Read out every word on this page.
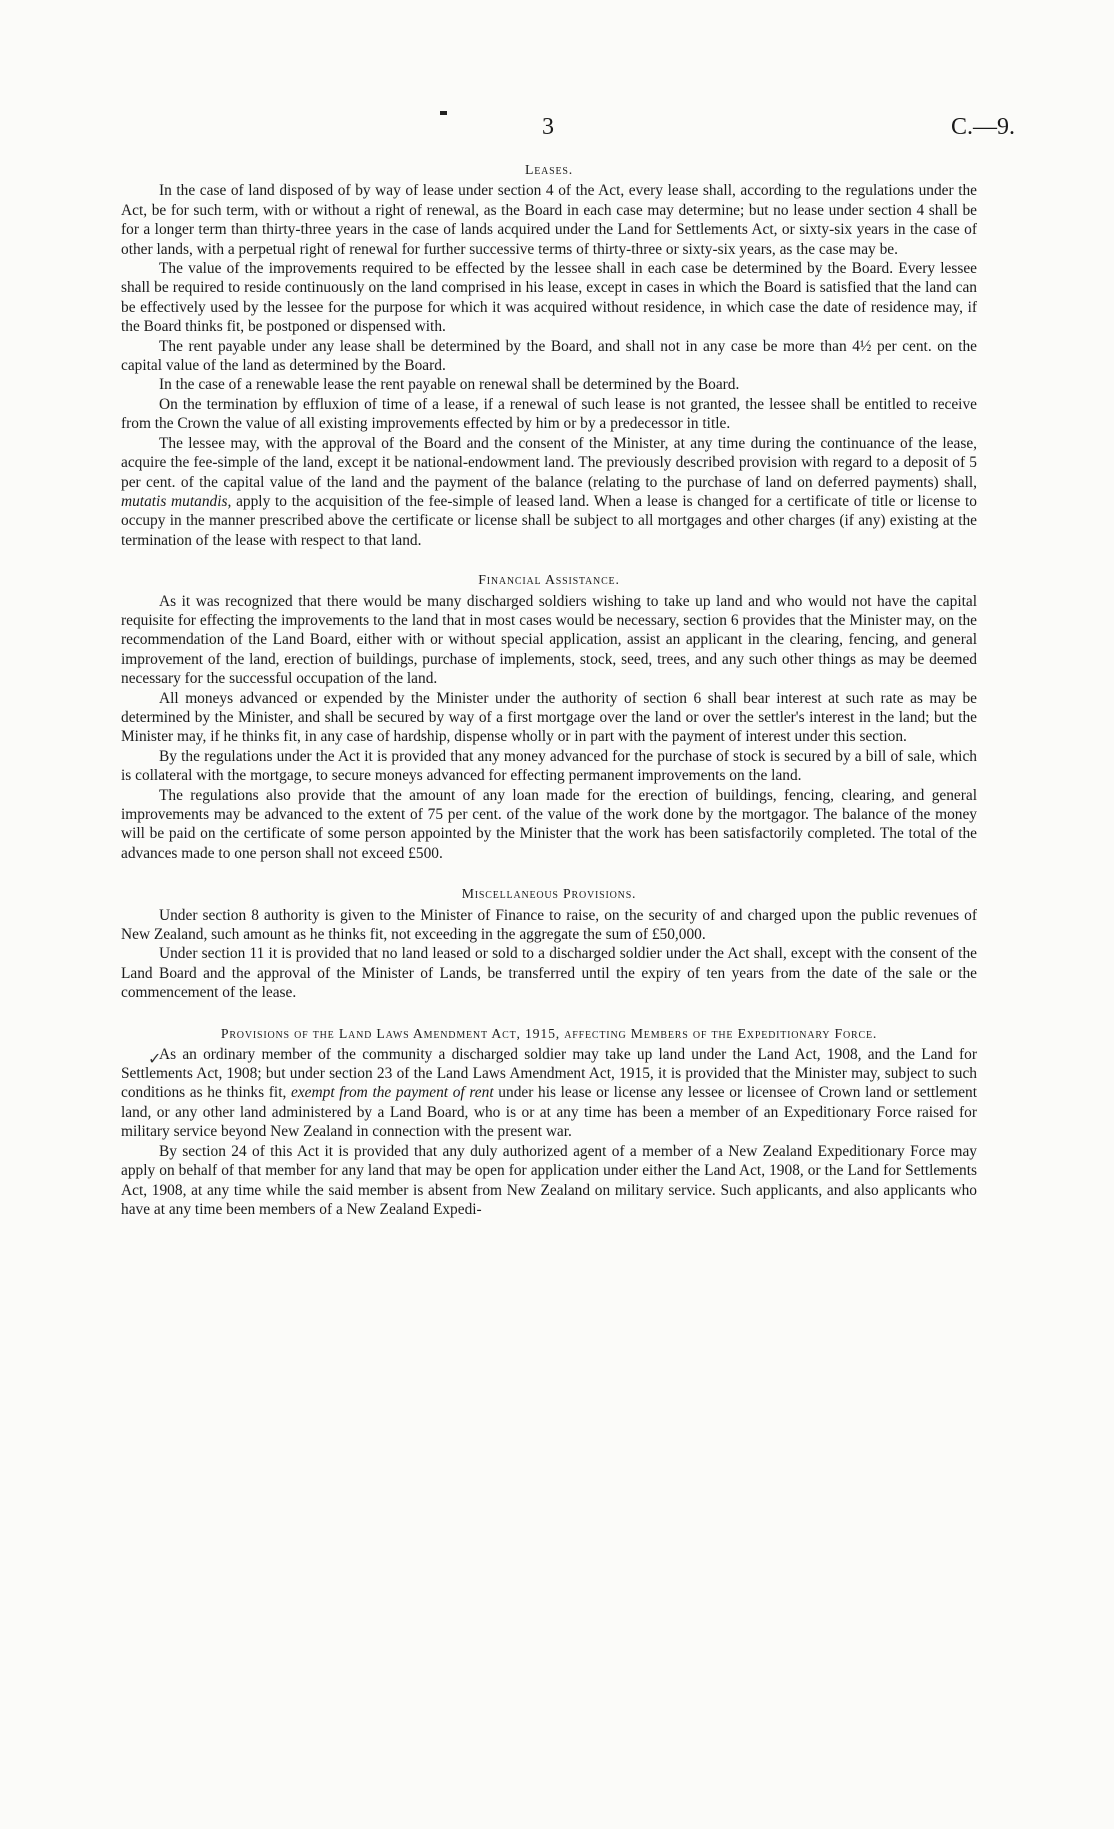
3	C.—9.
✓
Leases.

In the case of land disposed of by way of lease under section 4 of the Act, every lease shall, according to the regulations under the Act, be for such term, with or without a right of renewal, as the Board in each case may determine; but no lease under section 4 shall be for a longer term than thirty-three years in the case of lands acquired under the Land for Settlements Act, or sixty-six years in the case of other lands, with a perpetual right of renewal for further successive terms of thirty-three or sixty-six years, as the case may be.

The value of the improvements required to be effected by the lessee shall in each case be determined by the Board. Every lessee shall be required to reside continuously on the land comprised in his lease, except in cases in which the Board is satisfied that the land can be effectively used by the lessee for the purpose for which it was acquired without residence, in which case the date of residence may, if the Board thinks fit, be postponed or dispensed with.

The rent payable under any lease shall be determined by the Board, and shall not in any case be more than 4½ per cent. on the capital value of the land as determined by the Board.

In the case of a renewable lease the rent payable on renewal shall be determined by the Board.

On the termination by effluxion of time of a lease, if a renewal of such lease is not granted, the lessee shall be entitled to receive from the Crown the value of all existing improvements effected by him or by a predecessor in title.

The lessee may, with the approval of the Board and the consent of the Minister, at any time during the continuance of the lease, acquire the fee-simple of the land, except it be national-endowment land. The previously described provision with regard to a deposit of 5 per cent. of the capital value of the land and the payment of the balance (relating to the purchase of land on deferred payments) shall, mutatis mutandis, apply to the acquisition of the fee-simple of leased land. When a lease is changed for a certificate of title or license to occupy in the manner prescribed above the certificate or license shall be subject to all mortgages and other charges (if any) existing at the termination of the lease with respect to that land.

Financial Assistance.

As it was recognized that there would be many discharged soldiers wishing to take up land and who would not have the capital requisite for effecting the improvements to the land that in most cases would be necessary, section 6 provides that the Minister may, on the recommendation of the Land Board, either with or without special application, assist an applicant in the clearing, fencing, and general improvement of the land, erection of buildings, purchase of implements, stock, seed, trees, and any such other things as may be deemed necessary for the successful occupation of the land.

All moneys advanced or expended by the Minister under the authority of section 6 shall bear interest at such rate as may be determined by the Minister, and shall be secured by way of a first mortgage over the land or over the settler's interest in the land; but the Minister may, if he thinks fit, in any case of hardship, dispense wholly or in part with the payment of interest under this section.

By the regulations under the Act it is provided that any money advanced for the purchase of stock is secured by a bill of sale, which is collateral with the mortgage, to secure moneys advanced for effecting permanent improvements on the land.

The regulations also provide that the amount of any loan made for the erection of buildings, fencing, clearing, and general improvements may be advanced to the extent of 75 per cent. of the value of the work done by the mortgagor. The balance of the money will be paid on the certificate of some person appointed by the Minister that the work has been satisfactorily completed. The total of the advances made to one person shall not exceed £500.

Miscellaneous Provisions.

Under section 8 authority is given to the Minister of Finance to raise, on the security of and charged upon the public revenues of New Zealand, such amount as he thinks fit, not exceeding in the aggregate the sum of £50,000.

Under section 11 it is provided that no land leased or sold to a discharged soldier under the Act shall, except with the consent of the Land Board and the approval of the Minister of Lands, be transferred until the expiry of ten years from the date of the sale or the commencement of the lease.

Provisions of the Land Laws Amendment Act, 1915, affecting Members of the Expeditionary Force.

As an ordinary member of the community a discharged soldier may take up land under the Land Act, 1908, and the Land for Settlements Act, 1908; but under section 23 of the Land Laws Amendment Act, 1915, it is provided that the Minister may, subject to such conditions as he thinks fit, exempt from the payment of rent under his lease or license any lessee or licensee of Crown land or settlement land, or any other land administered by a Land Board, who is or at any time has been a member of an Expeditionary Force raised for military service beyond New Zealand in connection with the present war.

By section 24 of this Act it is provided that any duly authorized agent of a member of a New Zealand Expeditionary Force may apply on behalf of that member for any land that may be open for application under either the Land Act, 1908, or the Land for Settlements Act, 1908, at any time while the said member is absent from New Zealand on military service. Such applicants, and also applicants who have at any time been members of a New Zealand Expedi-
